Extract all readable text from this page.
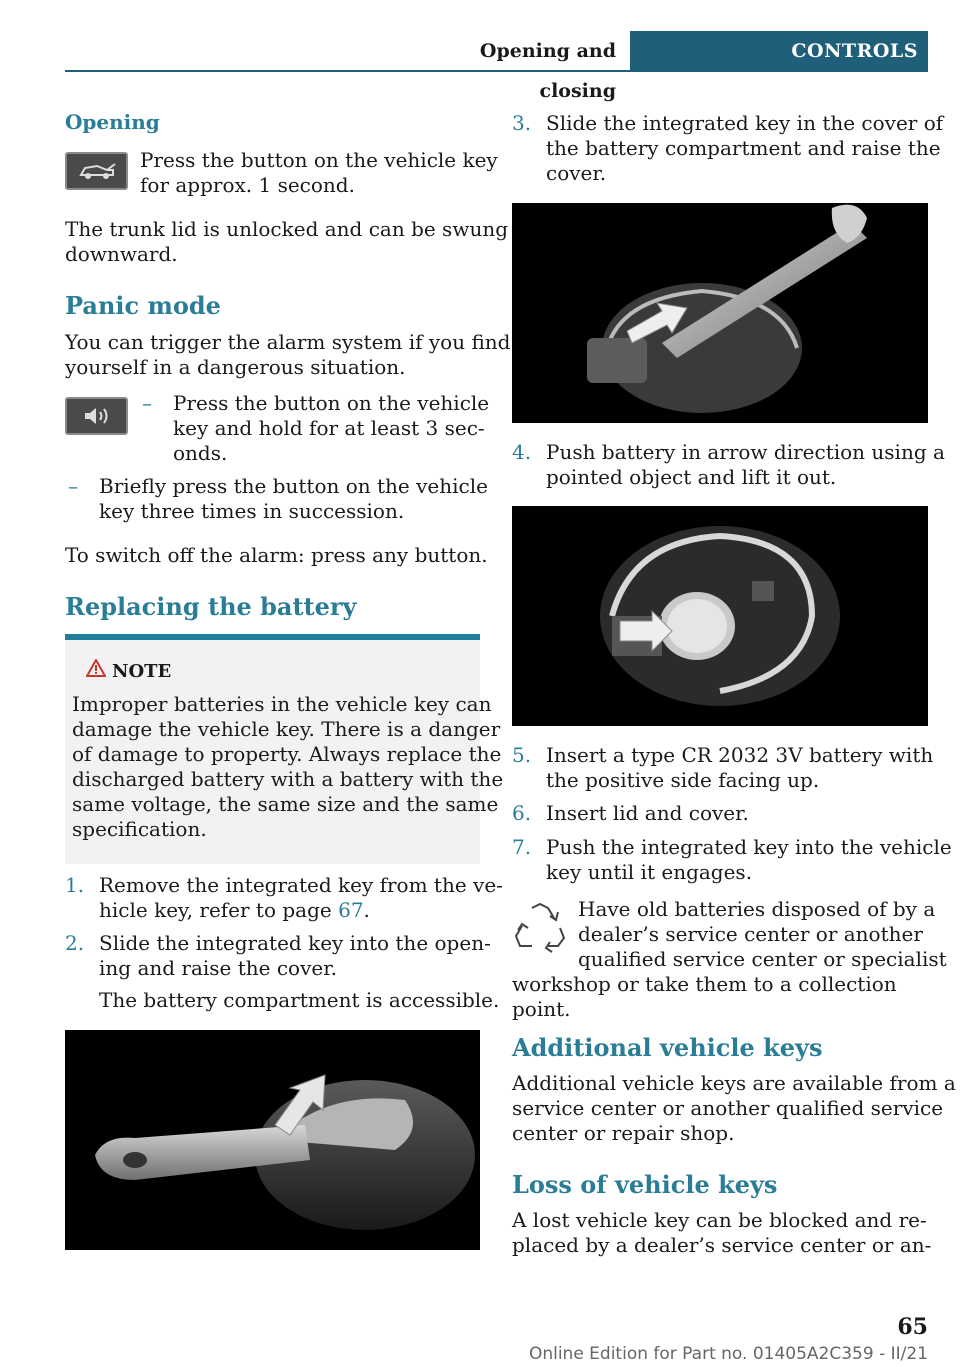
Opening and closing
CONTROLS
Opening

Press the button on the vehicle key

for approx. 1 second.

The trunk lid is unlocked and can be swung

downward.

Panic mode

You can trigger the alarm system if you find

yourself in a dangerous situation.

– Press the button on the vehicle

key and hold for at least 3 sec‐

onds.

– Briefly press the button on the vehicle

key three times in succession.

To switch off the alarm: press any button.

Replacing the battery
NOTE

Improper batteries in the vehicle key can

damage the vehicle key. There is a danger

of damage to property. Always replace the

discharged battery with a battery with the

same voltage, the same size and the same

specification.

1. Remove the integrated key from the ve‐

hicle key, refer to page 67.

2. Slide the integrated key into the open‐

ing and raise the cover.

The battery compartment is accessible.

3. Slide the integrated key in the cover of

the battery compartment and raise the

cover.

4. Push battery in arrow direction using a

pointed object and lift it out.

5. Insert a type CR 2032 3V battery with

the positive side facing up.

6. Insert lid and cover.

7. Push the integrated key into the vehicle

key until it engages.

Have old batteries disposed of by a

dealer’s service center or another

qualified service center or specialist

workshop or take them to a collection point.

Additional vehicle keys

Additional vehicle keys are available from a

service center or another qualified service

center or repair shop.

Loss of vehicle keys

A lost vehicle key can be blocked and re‐

placed by a dealer’s service center or an‐

65
Online Edition for Part no. 01405A2C359 - II/21
